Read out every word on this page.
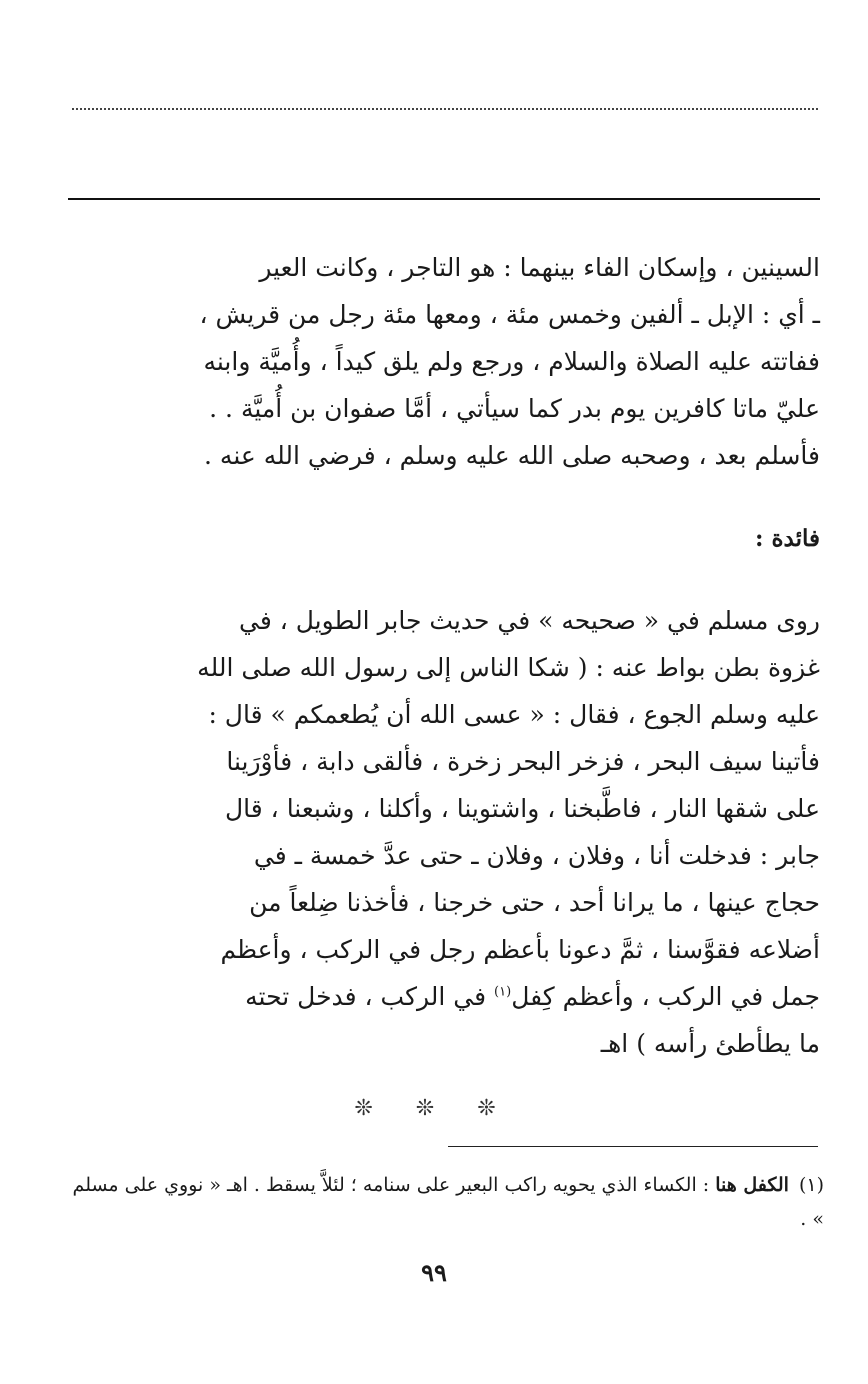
السينين ، وإسكان الفاء بينهما : هو التاجر ، وكانت العير
ـ أي : الإبل ـ ألفين وخمس مئة ، ومعها مئة رجل من قريش ،
ففاتته عليه الصلاة والسلام ، ورجع ولم يلق كيداً ، وأُميَّة وابنه
عليّ ماتا كافرين يوم بدر كما سيأتي ، أمَّا صفوان بن أُميَّة . .
فأسلم بعد ، وصحبه صلى الله عليه وسلم ، فرضي الله عنه .

فائدة :

روى مسلم في « صحيحه » في حديث جابر الطويل ، في
غزوة بطن بواط عنه : ( شكا الناس إلى رسول الله صلى الله
عليه وسلم الجوع ، فقال : « عسى الله أن يُطعمكم » قال :
فأتينا سيف البحر ، فزخر البحر زخرة ، فألقى دابة ، فأوْرَينا
على شقها النار ، فاطَّبخنا ، واشتوينا ، وأكلنا ، وشبعنا ، قال
جابر : فدخلت أنا ، وفلان ، وفلان ـ حتى عدَّ خمسة ـ في
حجاج عينها ، ما يرانا أحد ، حتى خرجنا ، فأخذنا ضِلعاً من
أضلاعه فقوَّسنا ، ثمَّ دعونا بأعظم رجل في الركب ، وأعظم
جمل في الركب ، وأعظم كِفل$^{(١)}$ في الركب ، فدخل تحته
ما يطأطئ رأسه ) اهـ

❊ ❊ ❊

(١)الكفل هنا : الكساء الذي يحويه راكب البعير على سنامه ؛ لئلاَّ يسقط . اهـ « نووي على مسلم » .

٩٩
